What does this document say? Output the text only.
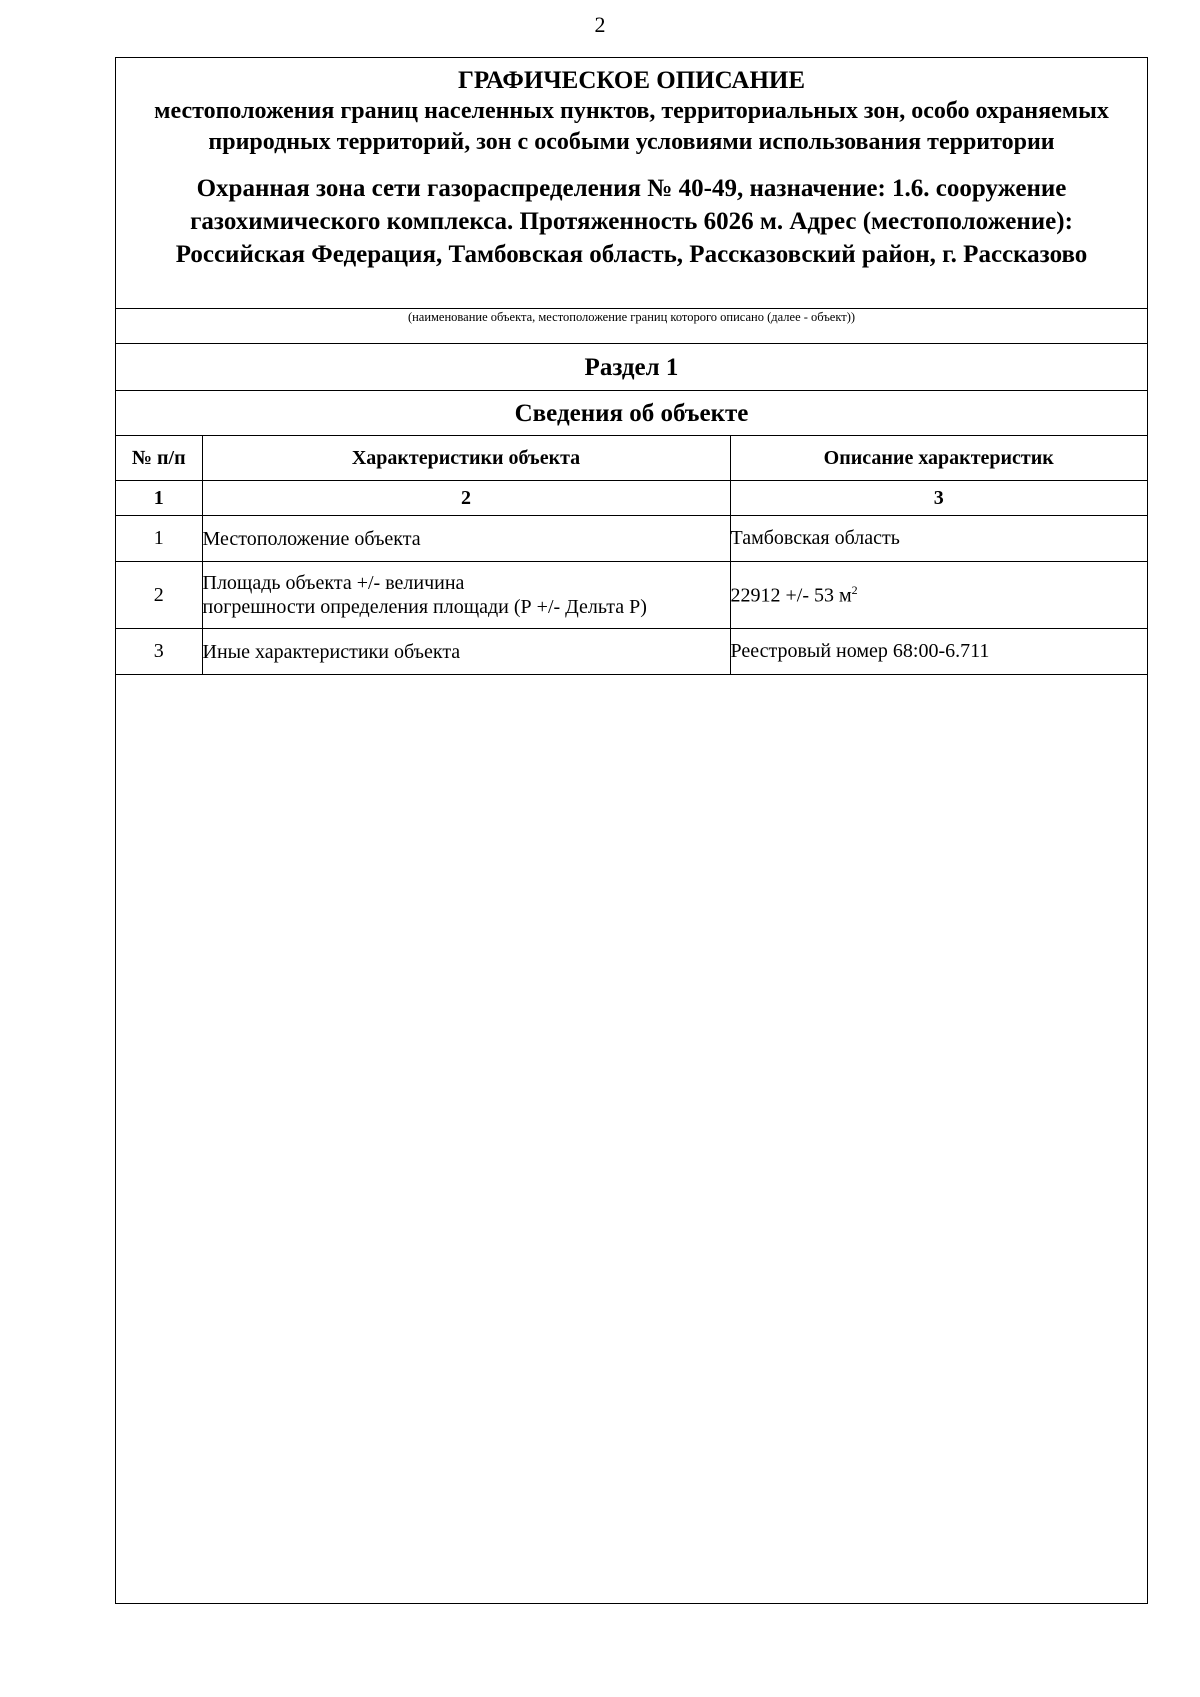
2
ГРАФИЧЕСКОЕ ОПИСАНИЕ
местоположения границ населенных пунктов, территориальных зон, особо охраняемых природных территорий, зон с особыми условиями использования территории
Охранная зона сети газораспределения № 40-49, назначение: 1.6. сооружение
газохимического комплекса. Протяженность 6026 м. Адрес (местоположение):
Российская Федерация, Тамбовская область, Рассказовский район, г. Рассказово
(наименование объекта, местоположение границ которого описано (далее - объект))
Раздел 1
Сведения об объекте
№ п/п	Характеристики объекта	Описание характеристик
1	2	3
1	Местоположение объекта	Тамбовская область
2	Площадь объекта +/- величина
погрешности определения площади (Р +/- Дельта Р)	22912 +/- 53 $м^2$
3	Иные характеристики объекта	Реестровый номер 68:00-6.711
